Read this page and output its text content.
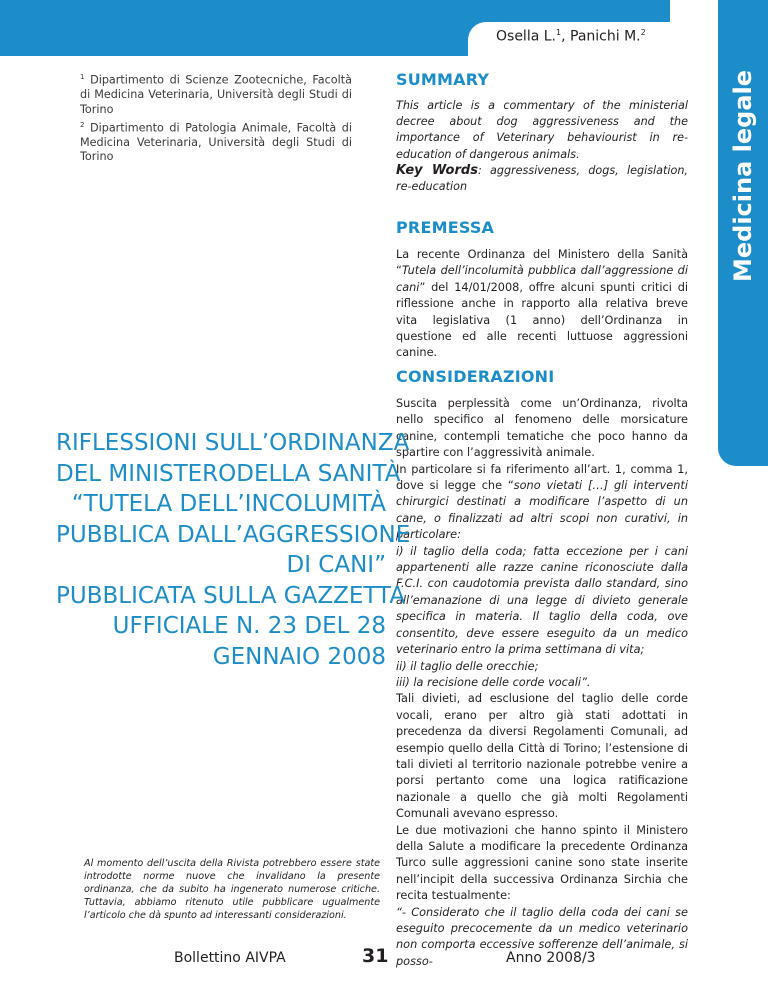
Osella L.$^1$, Panichi M.$^2$
Medicina legale
$^1$ Dipartimento di Scienze Zootecniche, Facoltà di Medicina Veterinaria, Università degli Studi di Torino
$^2$ Dipartimento di Patologia Animale, Facoltà di Medicina Veterinaria, Università degli Studi di Torino
SUMMARY
This article is a commentary of the ministerial decree about dog aggressiveness and the importance of Veterinary behaviourist in re-education of dangerous animals.
Key Words: aggressiveness, dogs, legislation, re-education
PREMESSA

La recente Ordinanza del Ministero della Sanità “Tutela dell’incolumità pubblica dall’aggressione di cani” del 14/01/2008, offre alcuni spunti critici di riflessione anche in rapporto alla relativa breve vita legislativa (1 anno) dell’Ordinanza in questione ed alle recenti luttuose aggressioni canine.

CONSIDERAZIONI

Suscita perplessità come un’Ordinanza, rivolta nello specifico al fenomeno delle morsicature canine, contempli tematiche che poco hanno da spartire con l’aggressività animale.

In particolare si fa riferimento all’art. 1, comma 1, dove si legge che “sono vietati […] gli interventi chirurgici destinati a modificare l’aspetto di un cane, o finalizzati ad altri scopi non curativi, in particolare:

i) il taglio della coda; fatta eccezione per i cani appartenenti alle razze canine riconosciute dalla F.C.I. con caudotomia prevista dallo standard, sino all’emanazione di una legge di divieto generale specifica in materia. Il taglio della coda, ove consentito, deve essere eseguito da un medico veterinario entro la prima settimana di vita;

ii) il taglio delle orecchie;

iii) la recisione delle corde vocali”.

Tali divieti, ad esclusione del taglio delle corde vocali, erano per altro già stati adottati in precedenza da diversi Regolamenti Comunali, ad esempio quello della Città di Torino; l’estensione di tali divieti al territorio nazionale potrebbe venire a porsi pertanto come una logica ratificazione nazionale a quello che già molti Regolamenti Comunali avevano espresso.

Le due motivazioni che hanno spinto il Ministero della Salute a modificare la precedente Ordinanza Turco sulle aggressioni canine sono state inserite nell’incipit della successiva Ordinanza Sirchia che recita testualmente:

“- Considerato che il taglio della coda dei cani se eseguito precocemente da un medico veterinario non comporta eccessive sofferenze dell’animale, si posso-

RIFLESSIONI SULL’ORDINANZA
DEL MINISTERODELLA SANITÀ
“TUTELA DELL’INCOLUMITÀ
PUBBLICA DALL’AGGRESSIONE
DI CANI”
PUBBLICATA SULLA GAZZETTA
UFFICIALE N. 23 DEL 28
GENNAIO 2008
Al momento dell’uscita della Rivista potrebbero essere state introdotte norme nuove che invalidano la presente ordinanza, che da subito ha ingenerato numerose critiche. Tuttavia, abbiamo ritenuto utile pubblicare ugualmente l’articolo che dà spunto ad interessanti considerazioni.
Bollettino AIVPA	31	Anno 2008/3
